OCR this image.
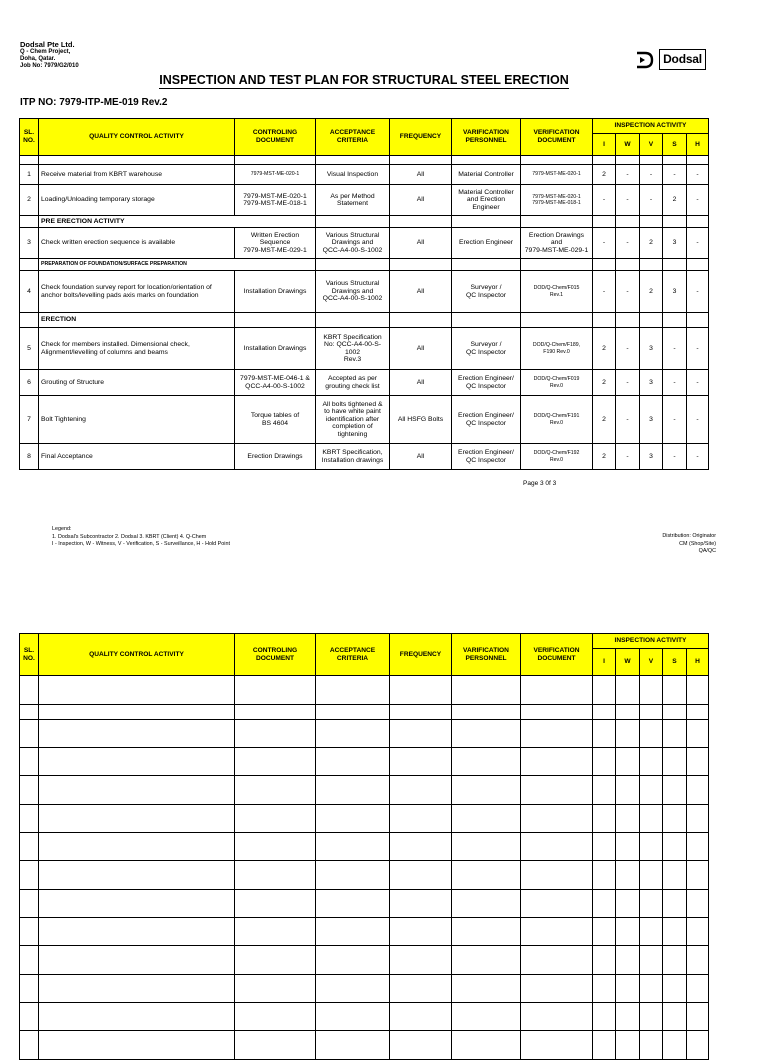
Dodsal Pte Ltd.
Q - Chem Project,
Doha, Qatar.
Job No: 7979/G2/010	Dodsal
INSPECTION AND TEST PLAN FOR STRUCTURAL STEEL ERECTION
ITP NO: 7979-ITP-ME-019 Rev.2
SL. NO.	QUALITY CONTROL ACTIVITY	CONTROLING DOCUMENT	ACCEPTANCE CRITERIA	FREQUENCY	VARIFICATION PERSONNEL	VERIFICATION DOCUMENT	INSPECTION ACTIVITY				
							I	W	V	S	H

1	Receive material from KBRT warehouse	7979-MST-ME-020-1	Visual Inspection	All	Material Controller	7979-MST-ME-020-1	2	-	-	-	-
2	Loading/Unloading temporary storage	7979-MST-ME-020-1
7979-MST-ME-018-1	As per Method
Statement	All	Material Controller
and Erection
Engineer	7979-MST-ME-020-1
7979-MST-ME-018-1	-	-	-	2	-
	PRE ERECTION ACTIVITY										
3	Check written erection sequence is available	Written Erection
Sequence
7979-MST-ME-029-1	Various Structural
Drawings and
QCC-A4-00-S-1002	All	Erection Engineer	Erection Drawings
and
7979-MST-ME-029-1	-	-	2	3	-
	PREPARATION OF FOUNDATION/SURFACE PREPARATION										
4	Check foundation survey report for location/orientation of anchor bolts/levelling pads axis marks on foundation	Installation Drawings	Various Structural
Drawings and
QCC-A4-00-S-1002	All	Surveyor /
QC Inspector	DOD/Q-Chem/F015
Rev.1	-	-	2	3	-
	ERECTION										
5	Check for members installed. Dimensional check, Alignment/levelling of columns and beams	Installation Drawings	KBRT Specification
No: QCC-A4-00-S-1002
Rev.3	All	Surveyor /
QC Inspector	DOD/Q-Chem/F189,
F190 Rev.0	2	-	3	-	-
6	Grouting of Structure	7979-MST-ME-046-1 &
QCC-A4-00-S-1002	Accepted as per
grouting check list	All	Erection Engineer/
QC Inspector	DOD/Q-Chem/F019
Rev.0	2	-	3	-	-
7	Bolt Tightening	Torque tables of
BS 4604	All bolts tightened &
to have white paint
identification after
completion of
tightening	All HSFG Bolts	Erection Engineer/
QC Inspector	DOD/Q-Chem/F191
Rev.0	2	-	3	-	-
8	Final Acceptance	Erection Drawings	KBRT Specification,
Installation drawings	All	Erection Engineer/
QC Inspector	DOD/Q-Chem/F192
Rev.0	2	-	3	-	-
Page 3 0f 3
Legend:
1. Dodsal's Subcontractor 2. Dodsal 3. KBRT (Client) 4. Q-Chem
I - Inspection, W - Witness, V - Verification, S - Surveillance, H - Hold Point
Distribution: Originator
CM (Shop/Site)
QA/QC
SL. NO.	QUALITY CONTROL ACTIVITY	CONTROLING DOCUMENT	ACCEPTANCE CRITERIA	FREQUENCY	VARIFICATION PERSONNEL	VERIFICATION DOCUMENT	INSPECTION ACTIVITY				
							I	W	V	S	H
